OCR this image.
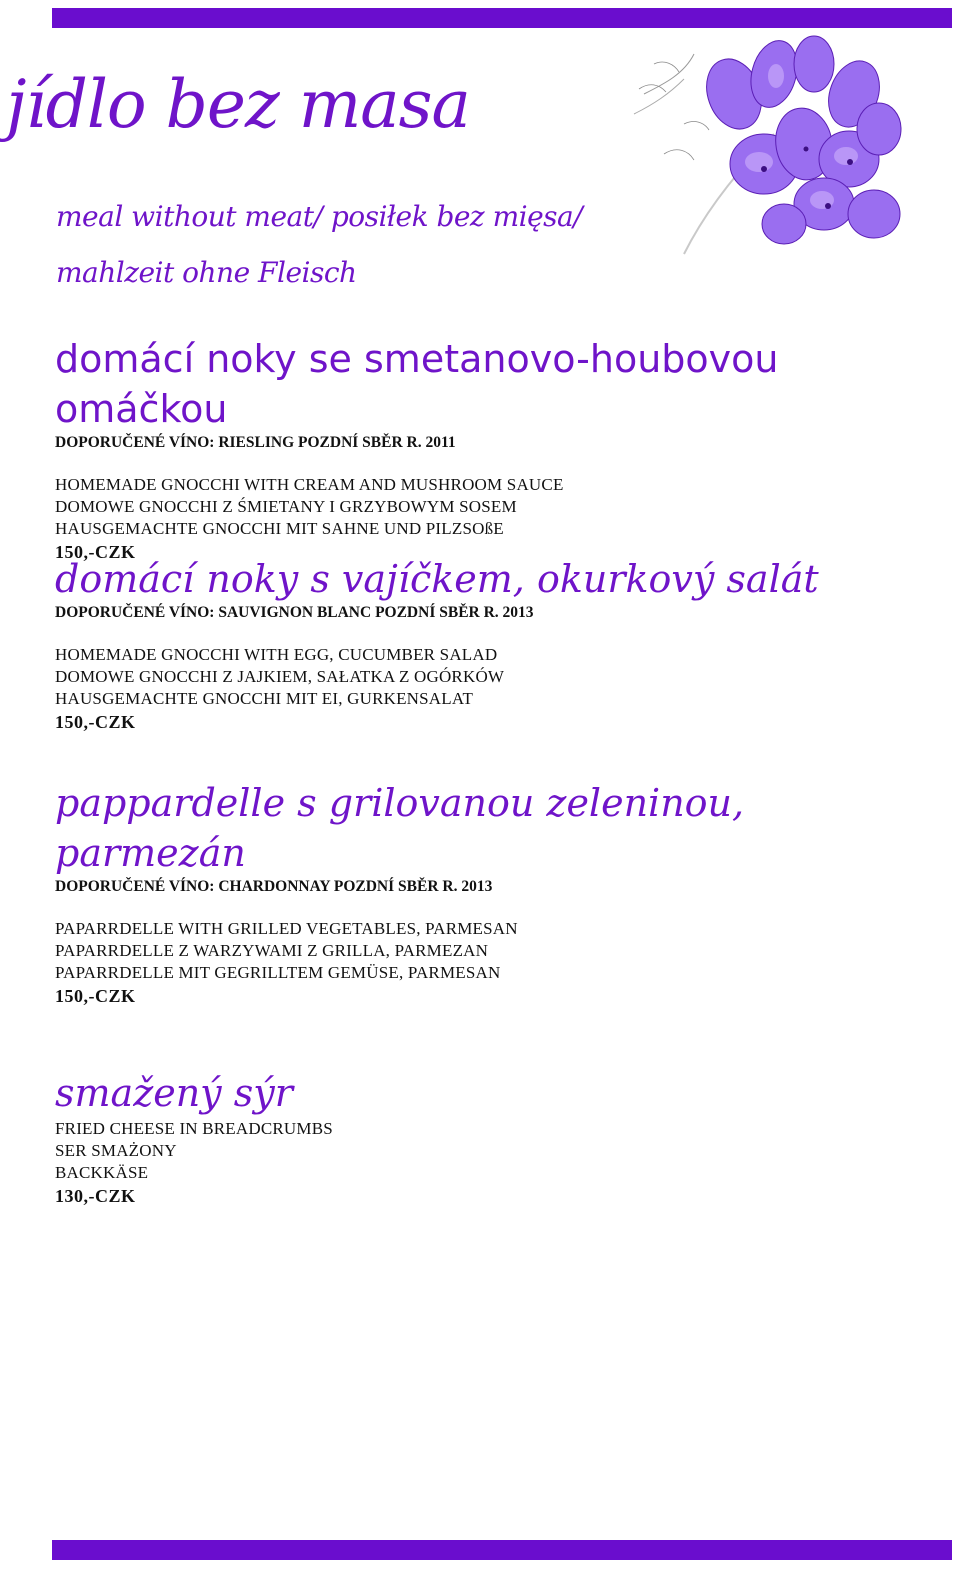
jídlo bez masa
meal without meat/ posiłek bez mięsa/
mahlzeit ohne Fleisch
domácí noky se smetanovo-houbovou omáčkou
DOPORUČENÉ VÍNO: RIESLING POZDNÍ SBĚR R. 2011
HOMEMADE GNOCCHI WITH CREAM AND MUSHROOM SAUCE
DOMOWE GNOCCHI Z ŚMIETANY I GRZYBOWYM SOSEM
HAUSGEMACHTE GNOCCHI MIT SAHNE UND PILZSOßE
150,-CZK
domácí noky s vajíčkem, okurkový salát
DOPORUČENÉ VÍNO: SAUVIGNON BLANC POZDNÍ SBĚR R. 2013
HOMEMADE GNOCCHI WITH EGG, CUCUMBER SALAD
DOMOWE GNOCCHI Z JAJKIEM, SAŁATKA Z OGÓRKÓW
HAUSGEMACHTE GNOCCHI MIT EI, GURKENSALAT
150,-CZK
pappardelle s grilovanou zeleninou,
parmezán
DOPORUČENÉ VÍNO: CHARDONNAY POZDNÍ SBĚR R. 2013
PAPARRDELLE WITH GRILLED VEGETABLES, PARMESAN
PAPARRDELLE Z WARZYWAMI Z GRILLA, PARMEZAN
PAPARRDELLE MIT GEGRILLTEM GEMÜSE, PARMESAN
150,-CZK
smažený sýr
FRIED CHEESE IN BREADCRUMBS
SER SMAŻONY
BACKKÄSE
130,-CZK
